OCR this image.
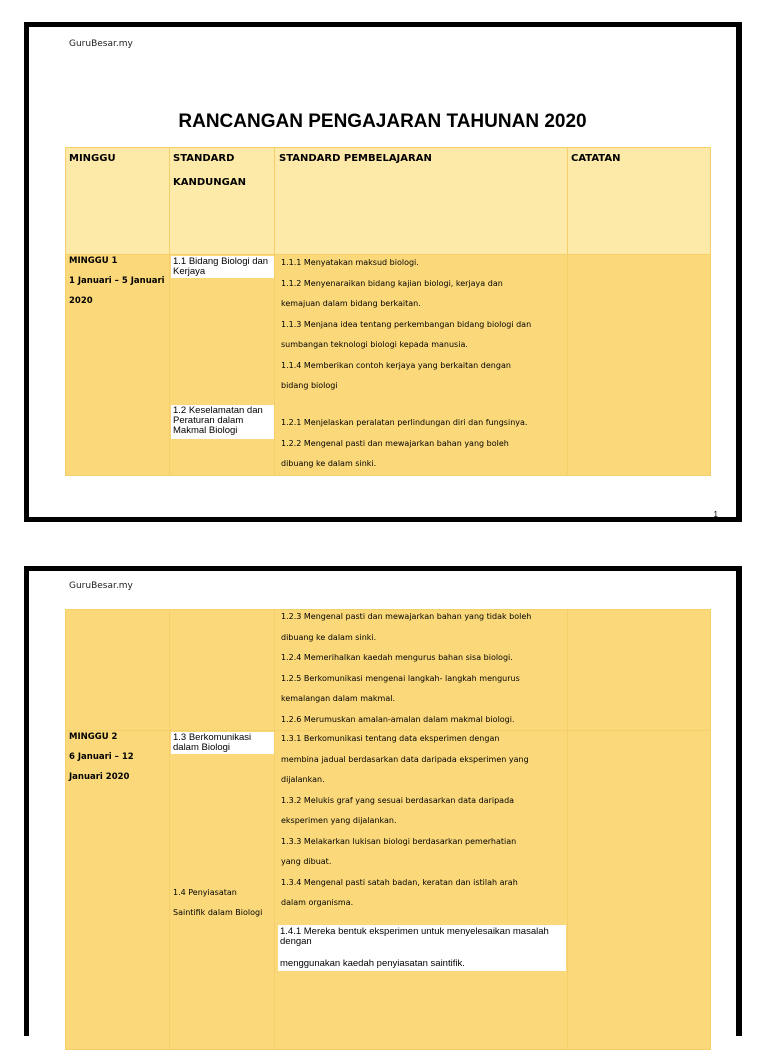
GuruBesar.my
RANCANGAN PENGAJARAN TAHUNAN 2020
MINGGU	STANDARD
KANDUNGAN
STANDARD PEMBELAJARAN	CATATAN
MINGGU 1
1 Januari – 5 Januari
2020
1.1 Bidang Biologi dan Kerjaya
1.2 Keselamatan dan Peraturan dalam Makmal Biologi
1.1.1 Menyatakan maksud biologi.
1.1.2 Menyenaraikan bidang kajian biologi, kerjaya dan
kemajuan dalam bidang berkaitan.
1.1.3 Menjana idea tentang perkembangan bidang biologi dan
sumbangan teknologi biologi kepada manusia.
1.1.4 Memberikan contoh kerjaya yang berkaitan dengan
bidang biologi
1.2.1 Menjelaskan peralatan perlindungan diri dan fungsinya.
1.2.2 Mengenal pasti dan mewajarkan bahan yang boleh
dibuang ke dalam sinki.
1
GuruBesar.my
1.2.3 Mengenal pasti dan mewajarkan bahan yang tidak boleh
dibuang ke dalam sinki.
1.2.4 Memerihalkan kaedah mengurus bahan sisa biologi.
1.2.5 Berkomunikasi mengenai langkah- langkah mengurus
kemalangan dalam makmal.
1.2.6 Merumuskan amalan-amalan dalam makmal biologi.
MINGGU 2
6 Januari – 12
Januari 2020
1.3 Berkomunikasi dalam Biologi
1.4 Penyiasatan
Saintifik dalam Biologi
1.3.1 Berkomunikasi tentang data eksperimen dengan
membina jadual berdasarkan data daripada eksperimen yang
dijalankan.
1.3.2 Melukis graf yang sesuai berdasarkan data daripada
eksperimen yang dijalankan.
1.3.3 Melakarkan lukisan biologi berdasarkan pemerhatian
yang dibuat.
1.3.4 Mengenal pasti satah badan, keratan dan istilah arah
dalam organisma.
1.4.1 Mereka bentuk eksperimen untuk menyelesaikan masalah dengan
menggunakan kaedah penyiasatan saintifik.
